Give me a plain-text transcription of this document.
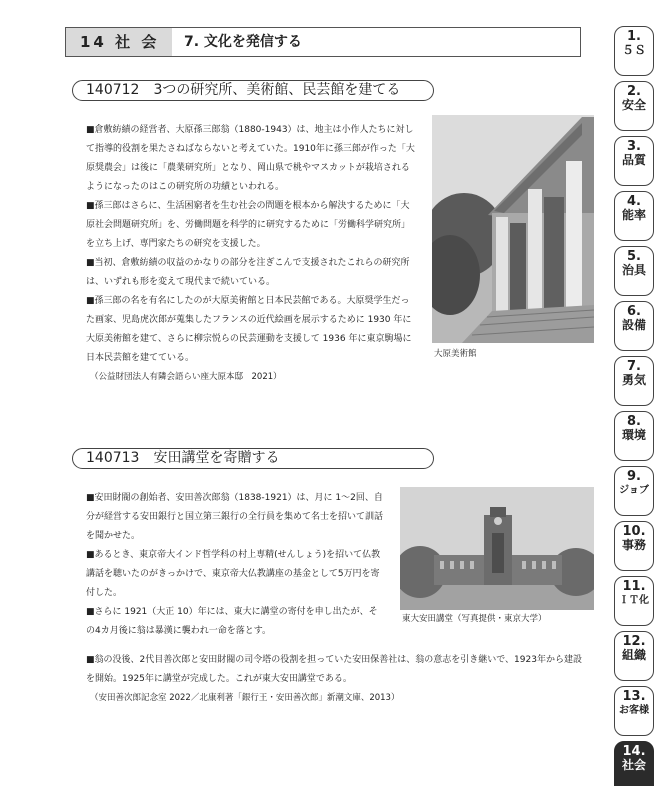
14 社 会	7. 文化を発信する
140712　3つの研究所、美術館、民芸館を建てる

■倉敷紡績の経営者、大原孫三郎翁（1880-1943）は、地主は小作人たちに対して指導的役割を果たさねばならないと考えていた。1910年に孫三郎が作った「大原奨農会」は後に「農業研究所」となり、岡山県で桃やマスカットが栽培されるようになったのはこの研究所の功績といわれる。

■孫三郎はさらに、生活困窮者を生む社会の問題を根本から解決するために「大原社会問題研究所」を、労働問題を科学的に研究するために「労働科学研究所」を立ち上げ、専門家たちの研究を支援した。

■当初、倉敷紡績の収益のかなりの部分を注ぎこんで支援されたこれらの研究所は、いずれも形を変えて現代まで続いている。

■孫三郎の名を有名にしたのが大原美術館と日本民芸館である。大原奨学生だった画家、児島虎次郎が蒐集したフランスの近代絵画を展示するために 1930 年に大原美術館を建て、さらに柳宗悦らの民芸運動を支援して 1936 年に東京駒場に日本民芸館を建てている。

（公益財団法人有隣会語らい座大原本邸　2021）

大原美術館
140713　安田講堂を寄贈する

■安田財閥の創始者、安田善次郎翁（1838-1921）は、月に 1～2回、自分が経営する安田銀行と国立第三銀行の全行員を集めて名士を招いて訓話を聞かせた。

■あるとき、東京帝大インド哲学科の村上専精(せんしょう)を招いて仏教講話を聴いたのがきっかけで、東京帝大仏教講座の基金として5万円を寄付した。

■さらに 1921（大正 10）年には、東大に講堂の寄付を申し出たが、その4カ月後に翁は暴漢に襲われ一命を落とす。

■翁の没後、2代目善次郎と安田財閥の司令塔の役割を担っていた安田保善社は、翁の意志を引き継いで、1923年から建設を開始。1925年に講堂が完成した。これが東大安田講堂である。

（安田善次郎記念室 2022／北康利著「銀行王・安田善次郎」新潮文庫、2013）

東大安田講堂（写真提供・東京大学）
1.
５Ｓ
2.
安全
3.
品質
4.
能率
5.
治具
6.
設備
7.
勇気
8.
環境
9.
ジョブ
10.
事務
11.
ＩＴ化
12.
組織
13.
お客様
14.
社会
